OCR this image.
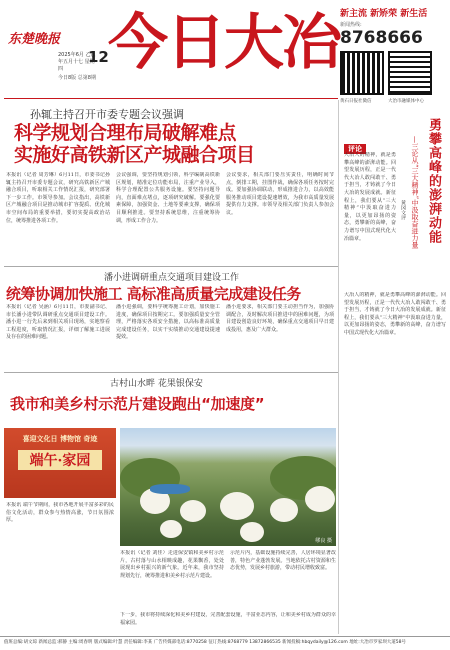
东楚晚报
2025年6月 乙巳年五月十七 星期四
12
今日8版 总第8期 今日大冶 新主流 新矫荣 新生活
新闻热线:
8768666
黄石日报社微信	大冶市融媒体中心
孙辄主持召开市委专题会议强调
科学规划合理布局破解难点
实施好高铁新区产城融合项目
本报讯（记者 周芳琳）6月11日，市委书记孙辄主持召开市委专题会议，研究高铁新区产城融合项目，听取相关工作情况汇报，研究部署下一步工作。市领导参加。会议指出，高铁新区产城融合项目是推动城市扩容提质、优化城市空间布局的重要举措，要切实提高政治站位，统筹推进各项工作。
会议强调，要坚持规划引领，科学编制高铁新区规划，精准定位功能布局，注重产业导入，科学合理配置公共服务设施。要坚持问题导向，直面难点堵点，逐项研究破解。要强化要素保障，加强资金、土地等要素支撑，确保项目顺利推进。要坚持系统思维，注重统筹协调，形成工作合力。
会议要求，相关部门要压实责任，明确时间节点，倒排工期，挂图作战，确保各项任务按时完成。要加强协调联动，形成推进合力，以高效能服务推动项目建设提速增效，为我市高质量发展提供有力支撑。市领导及相关部门负责人参加会议。
潘小进调研重点交通项目建设工作
统筹协调加快施工 高标准高质量完成建设任务
本报讯（记者 吴涵）6月11日，市委副书记、市长潘小进带队调研重点交通项目建设工作。潘小进一行先后来到相关项目现场，实地察看工程进度，听取情况汇报，详细了解施工进展及存在的困难问题。
潘小进强调，要科学统筹施工计划，加快施工进度，确保项目按期完工。要加强质量安全管理，严格落实各项安全措施，以高标准高质量完成建设任务，以实干实绩推动交通建设提速提效。
潘小进要求，相关部门要主动担当作为，加强协调配合，及时解决项目推进中的困难问题，为项目建设创造良好环境，确保重点交通项目早日建成投用，惠及广大群众。
古村山水畔 花果银保安
我市和美乡村示范片建设跑出“加速度”
喜迎文化日 博物馆 奇迹
端午·家园
本报讯 端午节期间，我市各地开展丰富多彩的民俗文化活动，群众参与热情高涨，节日氛围浓厚。
缪良 摄
本报讯（记者 刘佳）走进保安镇和美乡村示范片，古村落与山水相映成趣，花果飘香，处处展现出乡村振兴的新气象。近年来，我市坚持规划先行，统筹推进和美乡村示范片建设。
示范片内，基础设施持续完善，人居环境显著改善，特色产业蓬勃发展。当地依托古村资源和生态优势，发展乡村旅游，带动村民增收致富。
下一步，我市将持续深化和美乡村建设，完善配套设施，丰富业态内容，让和美乡村成为群众的幸福家园。
评论	勇攀高峰的澎湃动能
—三论从“三大精神”中汲取奋进力量
黄冈文评
大冶人的精神，就是勇攀高峰的澎湃动能。回望发展历程，正是一代代大冶人敢闯敢干、勇于担当，才铸就了今日大冶的发展成就。新征程上，我们要从“三大精神”中汲取奋进力量，以更加昂扬的姿态，勇攀新的高峰，奋力谱写中国式现代化大冶篇章。
大冶人的精神，就是勇攀高峰的澎湃动能。回望发展历程，正是一代代大冶人敢闯敢干、勇于担当，才铸就了今日大冶的发展成就。新征程上，我们要从“三大精神”中汲取奋进力量，以更加昂扬的姿态，勇攀新的高峰，奋力谱写中国式现代化大冶篇章。
值班总编:胡文琼 新闻总监:郝静 主编:周春明 版式编辑:叶慧 责任编辑:李某 广告传媒部电话:8770258 征订热线:8768779 13872866535 新闻投稿:hbqydaily@126.com 地址:大冶市罗家坝大道58号
